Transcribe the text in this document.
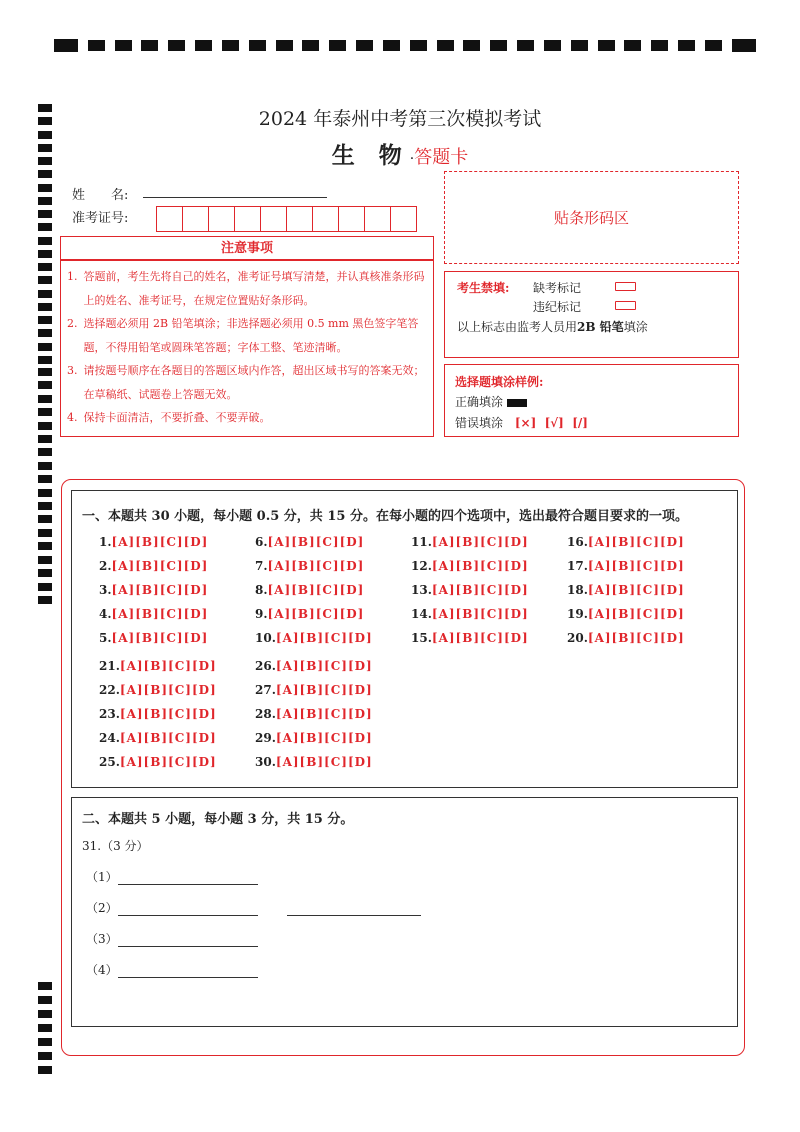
2024 年泰州中考第三次模拟考试
生 物·答题卡
姓　　名:
准考证号:	贴条形码区
注意事项
1. 答题前，考生先将自己的姓名，准考证号填写清楚，并认真核准条形码上的姓名、准考证号，在规定位置贴好条形码。
2. 选择题必须用 2B 铅笔填涂；非选择题必须用 0.5 mm 黑色签字笔答题，不得用铅笔或圆珠笔答题；字体工整、笔迹清晰。
3. 请按题号顺序在各题目的答题区域内作答，超出区域书写的答案无效；在草稿纸、试题卷上答题无效。
4. 保持卡面清洁，不要折叠、不要弄破。
考生禁填: 缺考标记
违纪标记
以上标志由监考人员用2B 铅笔填涂
选择题填涂样例:
正确填涂
错误填涂 [×]  [√]  [/]
一、本题共 30 小题，每小题 0.5 分，共 15 分。在每小题的四个选项中，选出最符合题目要求的一项。
1.[A][B][C][D]
2.[A][B][C][D]
3.[A][B][C][D]
4.[A][B][C][D]
5.[A][B][C][D]
6.[A][B][C][D]
7.[A][B][C][D]
8.[A][B][C][D]
9.[A][B][C][D]
10.[A][B][C][D]
11.[A][B][C][D]
12.[A][B][C][D]
13.[A][B][C][D]
14.[A][B][C][D]
15.[A][B][C][D]
16.[A][B][C][D]
17.[A][B][C][D]
18.[A][B][C][D]
19.[A][B][C][D]
20.[A][B][C][D]
21.[A][B][C][D]
22.[A][B][C][D]
23.[A][B][C][D]
24.[A][B][C][D]
25.[A][B][C][D]
26.[A][B][C][D]
27.[A][B][C][D]
28.[A][B][C][D]
29.[A][B][C][D]
30.[A][B][C][D]
二、本题共 5 小题，每小题 3 分，共 15 分。
31.（3 分）
（1）
（2）
（3）
（4）
